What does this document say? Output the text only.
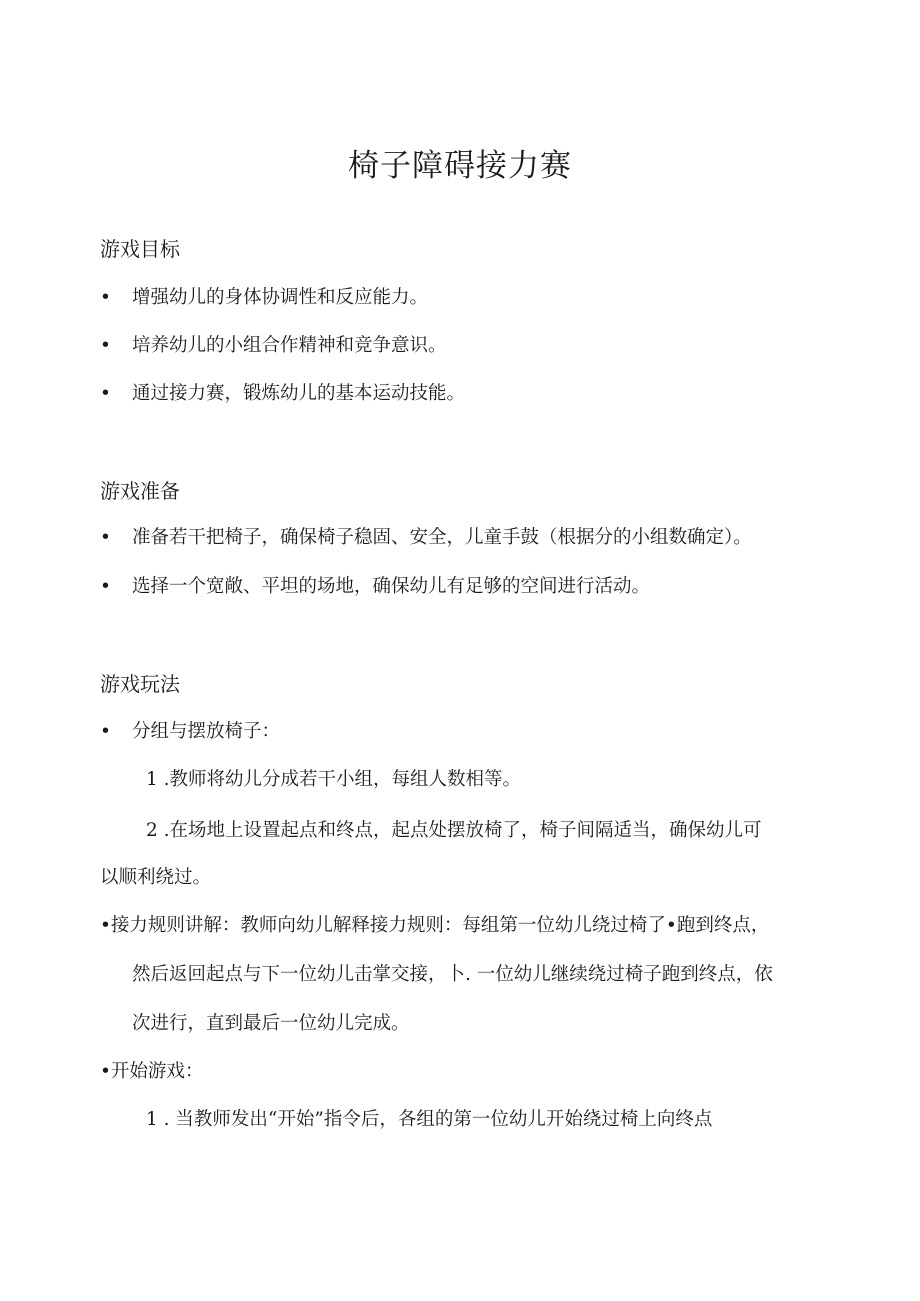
椅子障碍接力赛
游戏目标
•	增强幼儿的身体协调性和反应能力。
•	培养幼儿的小组合作精神和竞争意识。
•	通过接力赛，锻炼幼儿的基本运动技能。
游戏准备
•	准备若干把椅子，确保椅子稳固、安全，儿童手鼓（根据分的小组数确定）。
•	选择一个宽敞、平坦的场地，确保幼儿有足够的空间进行活动。
游戏玩法
•	分组与摆放椅子：
1 .教师将幼儿分成若干小组，每组人数相等。
2 .在场地上设置起点和终点，起点处摆放椅了，椅子间隔适当，确保幼儿可
以顺利绕过。
•接力规则讲解：教师向幼儿解释接力规则：每组第一位幼儿绕过椅了•跑到终点，
然后返回起点与下一位幼儿击掌交接，卜. 一位幼儿继续绕过椅子跑到终点，依
次进行，直到最后一位幼儿完成。
•开始游戏：
1 . 当教师发出“开始”指令后，各组的第一位幼儿开始绕过椅上向终点
